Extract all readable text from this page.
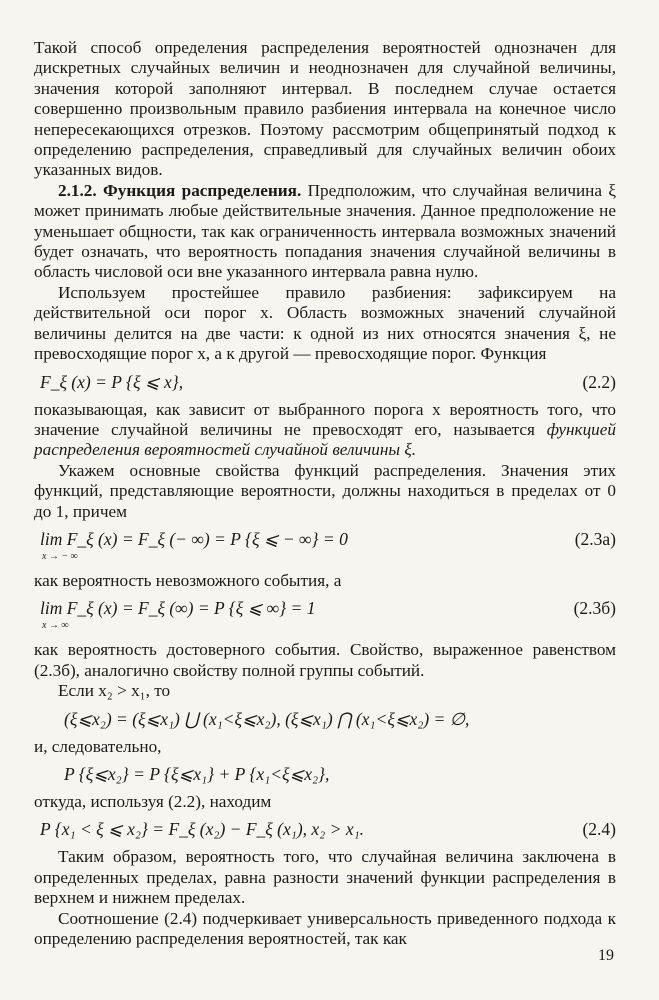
Такой способ определения распределения вероятностей однозначен для дискретных случайных величин и неоднозначен для случайной величины, значения которой заполняют интервал. В последнем случае остается совершенно произвольным правило разбиения интервала на конечное число непересекающихся отрезков. Поэтому рассмотрим общепринятый подход к определению распределения, справедливый для случайных величин обоих указанных видов.

2.1.2. Функция распределения. Предположим, что случайная величина ξ может принимать любые действительные значения. Данное предположение не уменьшает общности, так как ограниченность интервала возможных значений будет означать, что вероятность попадания значения случайной величины в область числовой оси вне указанного интервала равна нулю.

Используем простейшее правило разбиения: зафиксируем на действительной оси порог x. Область возможных значений случайной величины делится на две части: к одной из них относятся значения ξ, не превосходящие порог x, а к другой — превосходящие порог. Функция

F_ξ (x) = P {ξ ⩽ x},	(2.2)

показывающая, как зависит от выбранного порога x вероятность того, что значение случайной величины не превосходят его, называется функцией распределения вероятностей случайной величины ξ.

Укажем основные свойства функций распределения. Значения этих функций, представляющие вероятности, должны находиться в пределах от 0 до 1, причем

lim F_ξ (x) = F_ξ (− ∞) = P {ξ ⩽ − ∞} = 0
x → − ∞
(2.3а)

как вероятность невозможного события, а

lim F_ξ (x) = F_ξ (∞) = P {ξ ⩽ ∞} = 1
x → ∞
(2.3б)

как вероятность достоверного события. Свойство, выраженное равенством (2.3б), аналогично свойству полной группы событий.

Если x₂ > x₁, то

(ξ⩽x₂) = (ξ⩽x₁) ⋃ (x₁<ξ⩽x₂), (ξ⩽x₁) ⋂ (x₁<ξ⩽x₂) = ∅,

и, следовательно,

P {ξ⩽x₂} = P {ξ⩽x₁} + P {x₁<ξ⩽x₂},

откуда, используя (2.2), находим

P {x₁ < ξ ⩽ x₂} = F_ξ (x₂) − F_ξ (x₁), x₂ > x₁.	(2.4)

Таким образом, вероятность того, что случайная величина заключена в определенных пределах, равна разности значений функции распределения в верхнем и нижнем пределах.

Соотношение (2.4) подчеркивает универсальность приведенного подхода к определению распределения вероятностей, так как

19
